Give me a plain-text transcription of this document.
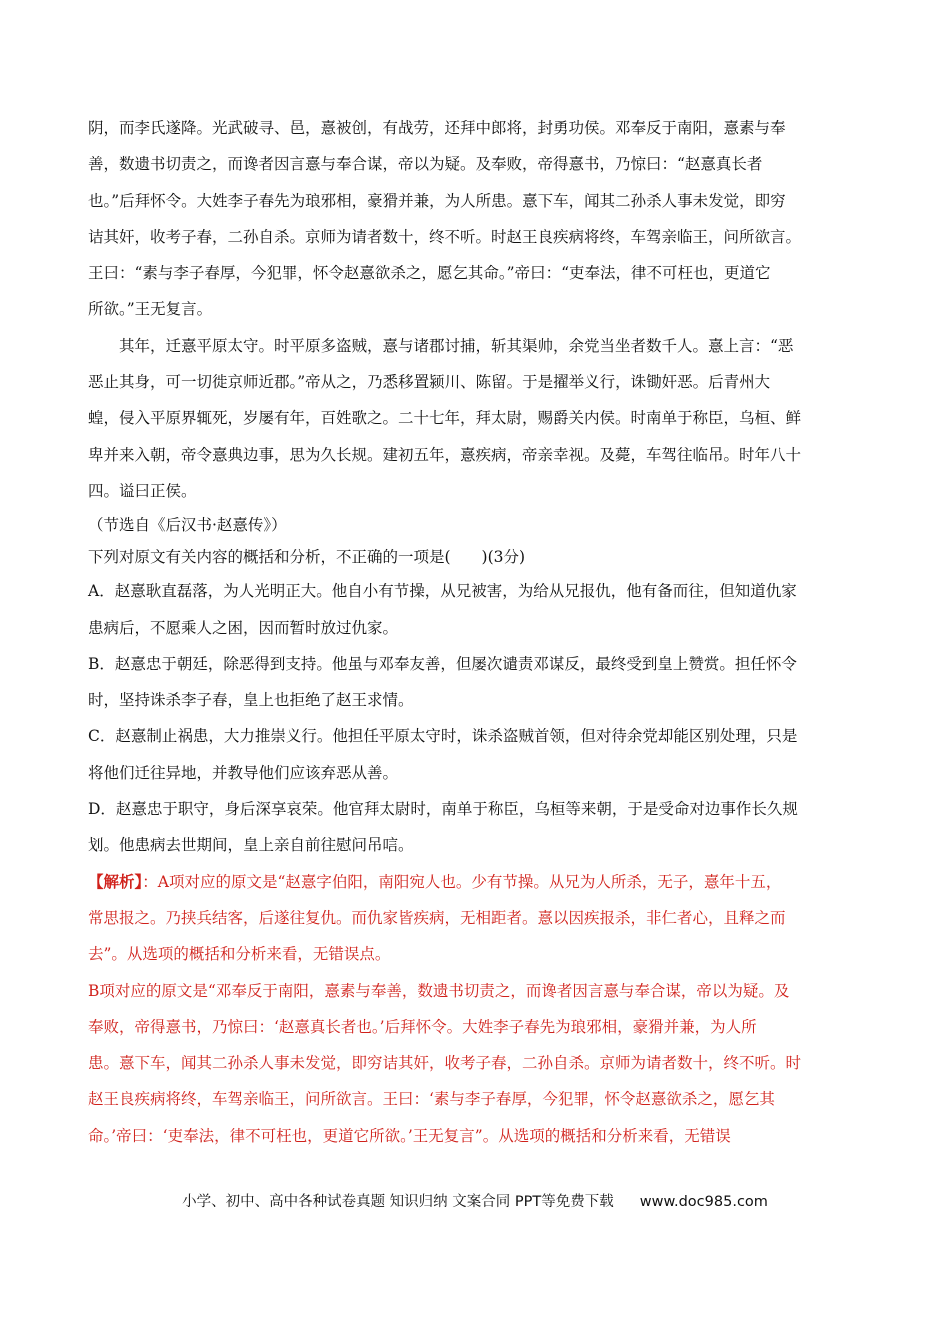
阴，而李氏遂降。光武破寻、邑，憙被创，有战劳，还拜中郎将，封勇功侯。邓奉反于南阳，憙素与奉

善，数遗书切责之，而谗者因言憙与奉合谋，帝以为疑。及奉败，帝得憙书，乃惊曰：“赵憙真长者

也。”后拜怀令。大姓李子春先为琅邪相，豪猾并兼，为人所患。憙下车，闻其二孙杀人事未发觉，即穷

诘其奸，收考子春，二孙自杀。京师为请者数十，终不听。时赵王良疾病将终，车驾亲临王，问所欲言。

王曰：“素与李子春厚，今犯罪，怀令赵憙欲杀之，愿乞其命。”帝曰：“吏奉法，律不可枉也，更道它

所欲。”王无复言。

其年，迁憙平原太守。时平原多盗贼，憙与诸郡讨捕，斩其渠帅，余党当坐者数千人。憙上言：“恶

恶止其身，可一切徙京师近郡。”帝从之，乃悉移置颍川、陈留。于是擢举义行，诛锄奸恶。后青州大

蝗，侵入平原界辄死，岁屡有年，百姓歌之。二十七年，拜太尉，赐爵关内侯。时南单于称臣，乌桓、鲜

卑并来入朝，帝令憙典边事，思为久长规。建初五年，憙疾病，帝亲幸视。及薨，车驾往临吊。时年八十

四。谥曰正侯。

（节选自《后汉书·赵憙传》）

下列对原文有关内容的概括和分析，不正确的一项是(　　)(3分)

A．赵憙耿直磊落，为人光明正大。他自小有节操，从兄被害，为给从兄报仇，他有备而往，但知道仇家

患病后，不愿乘人之困，因而暂时放过仇家。

B．赵憙忠于朝廷，除恶得到支持。他虽与邓奉友善，但屡次谴责邓谋反，最终受到皇上赞赏。担任怀令

时，坚持诛杀李子春，皇上也拒绝了赵王求情。

C．赵憙制止祸患，大力推崇义行。他担任平原太守时，诛杀盗贼首领，但对待余党却能区别处理，只是

将他们迁往异地，并教导他们应该弃恶从善。

D．赵憙忠于职守，身后深享哀荣。他官拜太尉时，南单于称臣，乌桓等来朝，于是受命对边事作长久规

划。他患病去世期间，皇上亲自前往慰问吊唁。

【解析】：A项对应的原文是“赵憙字伯阳，南阳宛人也。少有节操。从兄为人所杀，无子，憙年十五，

常思报之。乃挟兵结客，后遂往复仇。而仇家皆疾病，无相距者。憙以因疾报杀，非仁者心，且释之而

去”。从选项的概括和分析来看，无错误点。

B项对应的原文是“邓奉反于南阳，憙素与奉善，数遗书切责之，而谗者因言憙与奉合谋，帝以为疑。及

奉败，帝得憙书，乃惊曰：‘赵憙真长者也。’后拜怀令。大姓李子春先为琅邪相，豪猾并兼，为人所

患。憙下车，闻其二孙杀人事未发觉，即穷诘其奸，收考子春，二孙自杀。京师为请者数十，终不听。时

赵王良疾病将终，车驾亲临王，问所欲言。王曰：‘素与李子春厚，今犯罪，怀令赵憙欲杀之，愿乞其

命。’帝曰：‘吏奉法，律不可枉也，更道它所欲。’王无复言”。从选项的概括和分析来看，无错误

小学、初中、高中各种试卷真题 知识归纳 文案合同 PPT等免费下载 www.doc985.com
